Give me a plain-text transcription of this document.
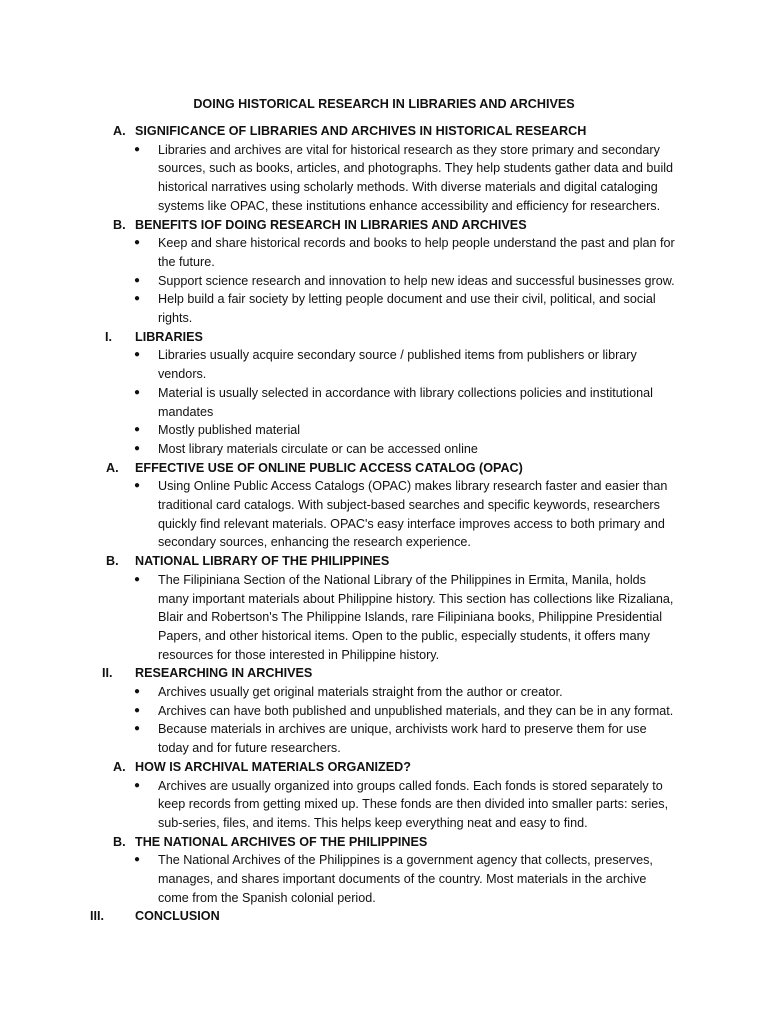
DOING HISTORICAL RESEARCH IN LIBRARIES AND ARCHIVES
A. SIGNIFICANCE OF LIBRARIES AND ARCHIVES IN HISTORICAL RESEARCH
● Libraries and archives are vital for historical research as they store primary and secondary sources, such as books, articles, and photographs. They help students gather data and build historical narratives using scholarly methods. With diverse materials and digital cataloging systems like OPAC, these institutions enhance accessibility and efficiency for researchers.
B. BENEFITS IOF DOING RESEARCH IN LIBRARIES AND ARCHIVES
● Keep and share historical records and books to help people understand the past and plan for the future.
● Support science research and innovation to help new ideas and successful businesses grow.
● Help build a fair society by letting people document and use their civil, political, and social rights.
I. LIBRARIES
● Libraries usually acquire secondary source / published items from publishers or library vendors.
● Material is usually selected in accordance with library collections policies and institutional mandates
● Mostly published material
● Most library materials circulate or can be accessed online
A. EFFECTIVE USE OF ONLINE PUBLIC ACCESS CATALOG (OPAC)
● Using Online Public Access Catalogs (OPAC) makes library research faster and easier than traditional card catalogs. With subject-based searches and specific keywords, researchers quickly find relevant materials. OPAC's easy interface improves access to both primary and secondary sources, enhancing the research experience.
B. NATIONAL LIBRARY OF THE PHILIPPINES
● The Filipiniana Section of the National Library of the Philippines in Ermita, Manila, holds many important materials about Philippine history. This section has collections like Rizaliana, Blair and Robertson's The Philippine Islands, rare Filipiniana books, Philippine Presidential Papers, and other historical items. Open to the public, especially students, it offers many resources for those interested in Philippine history.
II. RESEARCHING IN ARCHIVES
● Archives usually get original materials straight from the author or creator.
● Archives can have both published and unpublished materials, and they can be in any format.
● Because materials in archives are unique, archivists work hard to preserve them for use today and for future researchers.
A. HOW IS ARCHIVAL MATERIALS ORGANIZED?
● Archives are usually organized into groups called fonds. Each fonds is stored separately to keep records from getting mixed up. These fonds are then divided into smaller parts: series, sub-series, files, and items. This helps keep everything neat and easy to find.
B. THE NATIONAL ARCHIVES OF THE PHILIPPINES
● The National Archives of the Philippines is a government agency that collects, preserves, manages, and shares important documents of the country. Most materials in the archive come from the Spanish colonial period.
III. CONCLUSION
